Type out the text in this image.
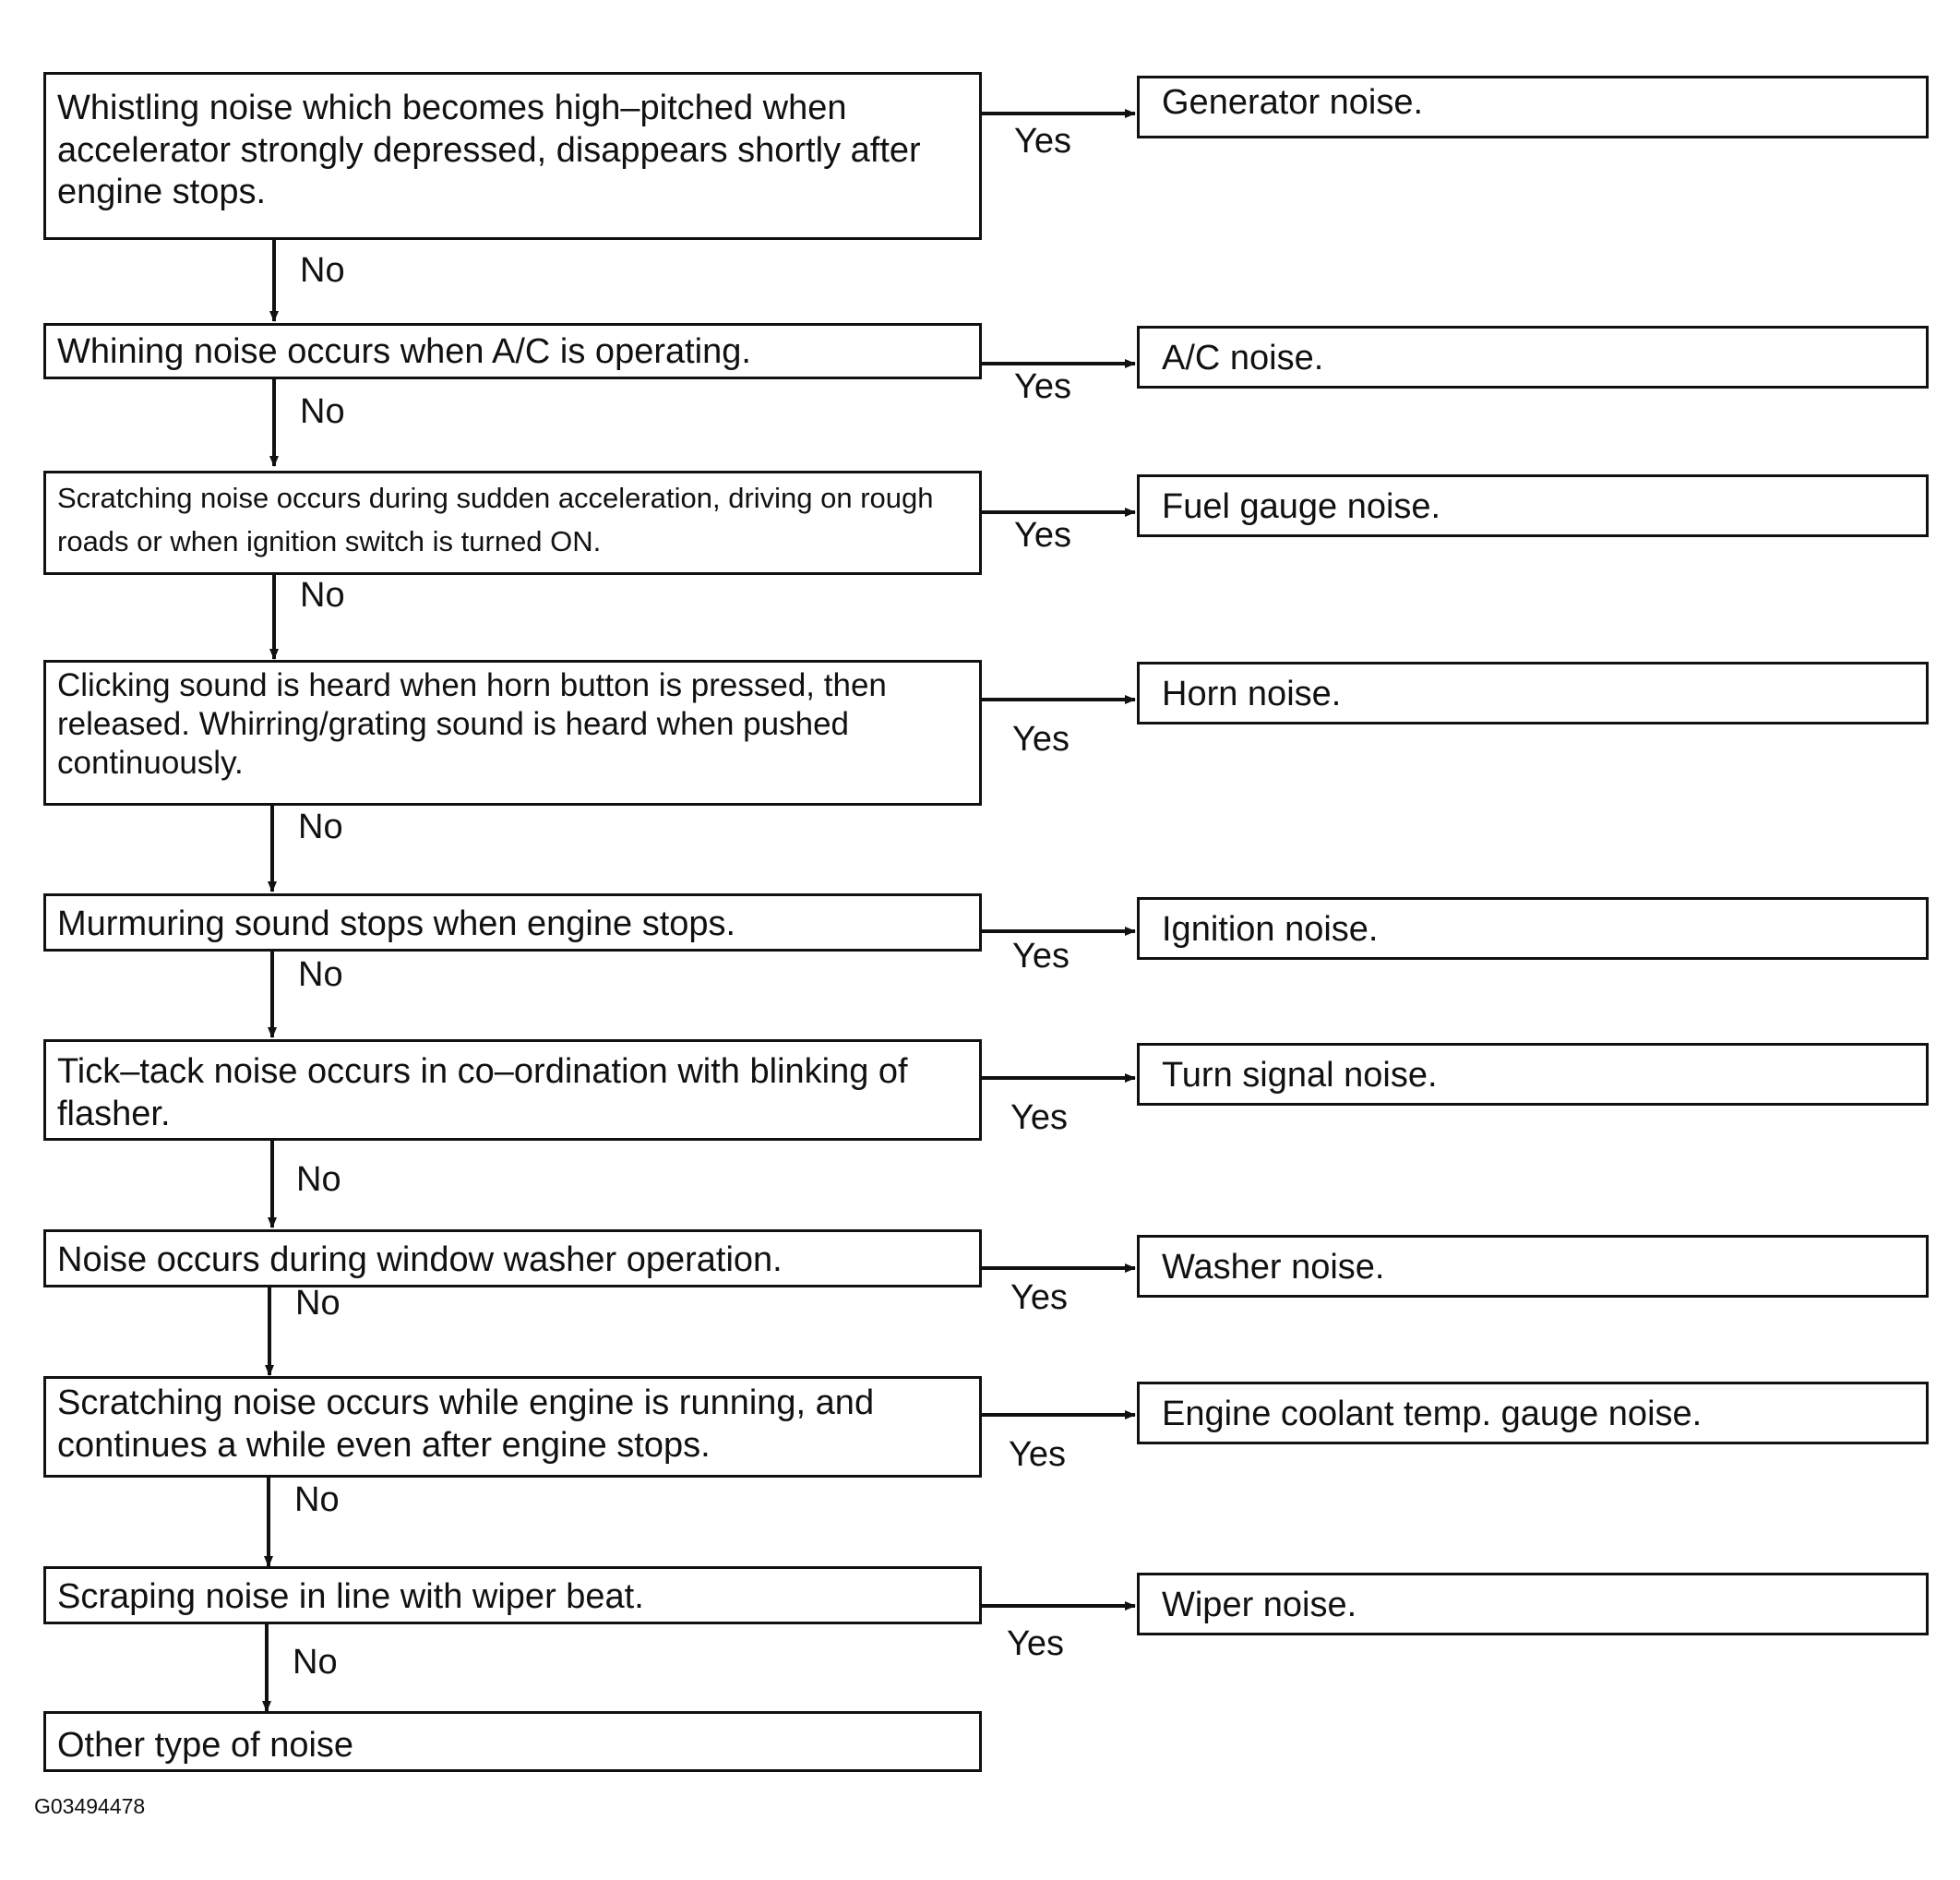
Whistling noise which becomes high–pitched when accelerator strongly depressed, disappears shortly after engine stops.
Whining noise occurs when A/C is operating.
Scratching noise occurs during sudden acceleration, driving on rough roads or when ignition switch is turned ON.
Clicking sound is heard when horn button is pressed, then released. Whirring/grating sound is heard when pushed continuously.
Murmuring sound stops when engine stops.
Tick–tack noise occurs in co–ordination with blinking of flasher.
Noise occurs during window washer operation.
Scratching noise occurs while engine is running, and continues a while even after engine stops.
Scraping noise in line with wiper beat.
Other type of noise
Generator noise.
A/C noise.
Fuel gauge noise.
Horn noise.
Ignition noise.
Turn signal noise.
Washer noise.
Engine coolant temp. gauge noise.
Wiper noise.
Yes
Yes
Yes
Yes
Yes
Yes
Yes
Yes
Yes
No
No
No
No
No
No
No
No
No
G03494478
